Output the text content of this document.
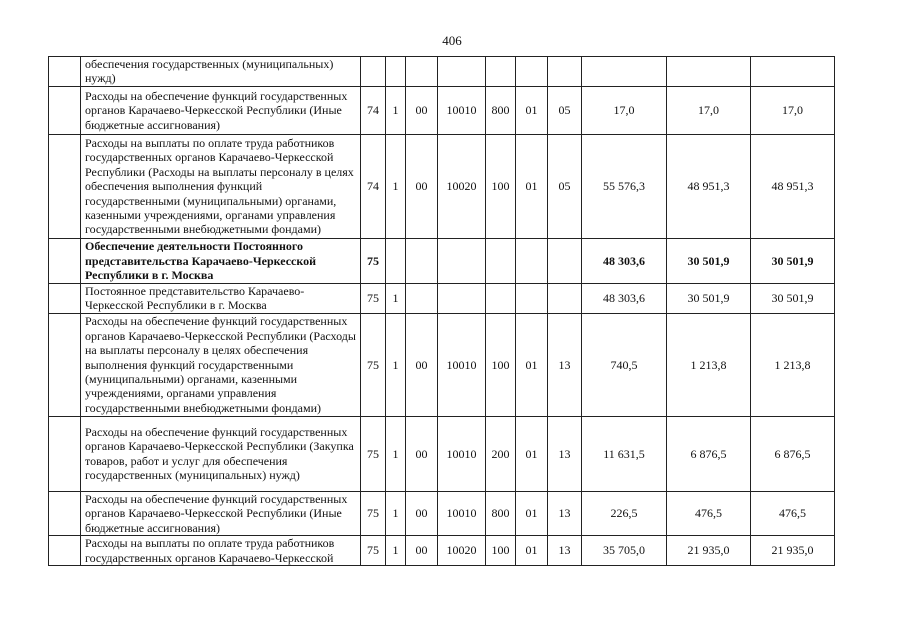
406
	обеспечения государственных (муниципальных) нужд)										
	Расходы на обеспечение функций государственных органов Карачаево-Черкесской Республики (Иные бюджетные ассигнования)	74	1	00	10010	800	01	05	17,0	17,0	17,0
	Расходы на выплаты по оплате труда работников государственных органов Карачаево-Черкесской Республики (Расходы на выплаты персоналу в целях обеспечения выполнения функций государственными (муниципальными) органами, казенными учреждениями, органами управления государственными внебюджетными фондами)	74	1	00	10020	100	01	05	55 576,3	48 951,3	48 951,3
	Обеспечение деятельности Постоянного представительства Карачаево-Черкесской Республики в г. Москва	75							48 303,6	30 501,9	30 501,9
	Постоянное представительство Карачаево-Черкесской Республики в г. Москва	75	1						48 303,6	30 501,9	30 501,9
	Расходы на обеспечение функций государственных органов Карачаево-Черкесской Республики (Расходы на выплаты персоналу в целях обеспечения выполнения функций государственными (муниципальными) органами, казенными учреждениями, органами управления государственными внебюджетными фондами)	75	1	00	10010	100	01	13	740,5	1 213,8	1 213,8
	Расходы на обеспечение функций государственных органов Карачаево-Черкесской Республики (Закупка товаров, работ и услуг для обеспечения государственных (муниципальных) нужд)	75	1	00	10010	200	01	13	11 631,5	6 876,5	6 876,5
	Расходы на обеспечение функций государственных органов Карачаево-Черкесской Республики (Иные бюджетные ассигнования)	75	1	00	10010	800	01	13	226,5	476,5	476,5
	Расходы на выплаты по оплате труда работников государственных органов Карачаево-Черкесской	75	1	00	10020	100	01	13	35 705,0	21 935,0	21 935,0
